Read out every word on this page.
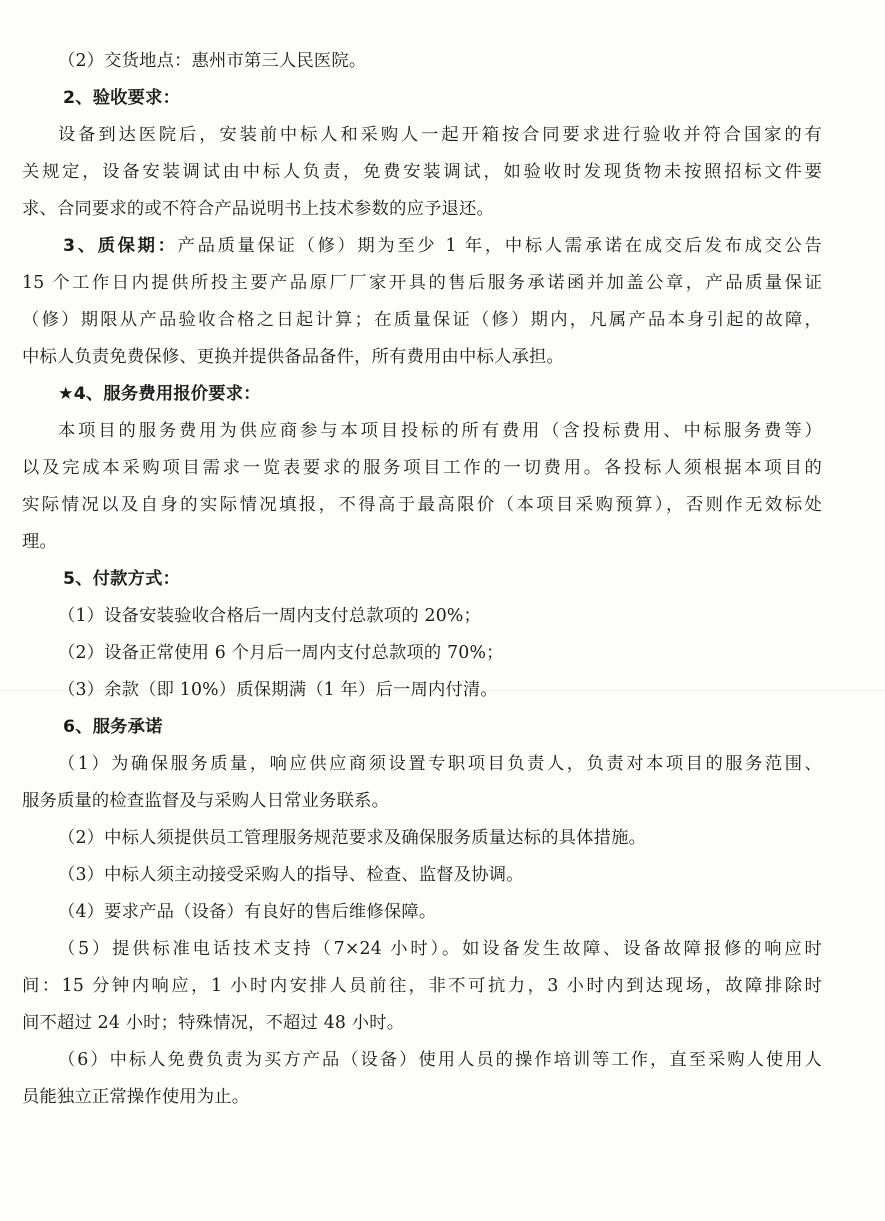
（2）交货地点：惠州市第三人民医院。
2、验收要求：
设备到达医院后，安装前中标人和采购人一起开箱按合同要求进行验收并符合国家的有
关规定，设备安装调试由中标人负责，免费安装调试，如验收时发现货物未按照招标文件要
求、合同要求的或不符合产品说明书上技术参数的应予退还。
3、质保期：产品质量保证（修）期为至少 1 年，中标人需承诺在成交后发布成交公告
15 个工作日内提供所投主要产品原厂厂家开具的售后服务承诺函并加盖公章，产品质量保证
（修）期限从产品验收合格之日起计算；在质量保证（修）期内，凡属产品本身引起的故障，
中标人负责免费保修、更换并提供备品备件，所有费用由中标人承担。
★4、服务费用报价要求：
本项目的服务费用为供应商参与本项目投标的所有费用（含投标费用、中标服务费等）
以及完成本采购项目需求一览表要求的服务项目工作的一切费用。各投标人须根据本项目的
实际情况以及自身的实际情况填报，不得高于最高限价（本项目采购预算），否则作无效标处
理。
5、付款方式：
（1）设备安装验收合格后一周内支付总款项的 20%；
（2）设备正常使用 6 个月后一周内支付总款项的 70%；
（3）余款（即 10%）质保期满（1 年）后一周内付清。
6、服务承诺
（1）为确保服务质量，响应供应商须设置专职项目负责人，负责对本项目的服务范围、
服务质量的检查监督及与采购人日常业务联系。
（2）中标人须提供员工管理服务规范要求及确保服务质量达标的具体措施。
（3）中标人须主动接受采购人的指导、检查、监督及协调。
（4）要求产品（设备）有良好的售后维修保障。
（5）提供标准电话技术支持（7×24 小时）。如设备发生故障、设备故障报修的响应时
间：15 分钟内响应，1 小时内安排人员前往，非不可抗力，3 小时内到达现场，故障排除时
间不超过 24 小时；特殊情况，不超过 48 小时。
（6）中标人免费负责为买方产品（设备）使用人员的操作培训等工作，直至采购人使用人
员能独立正常操作使用为止。
